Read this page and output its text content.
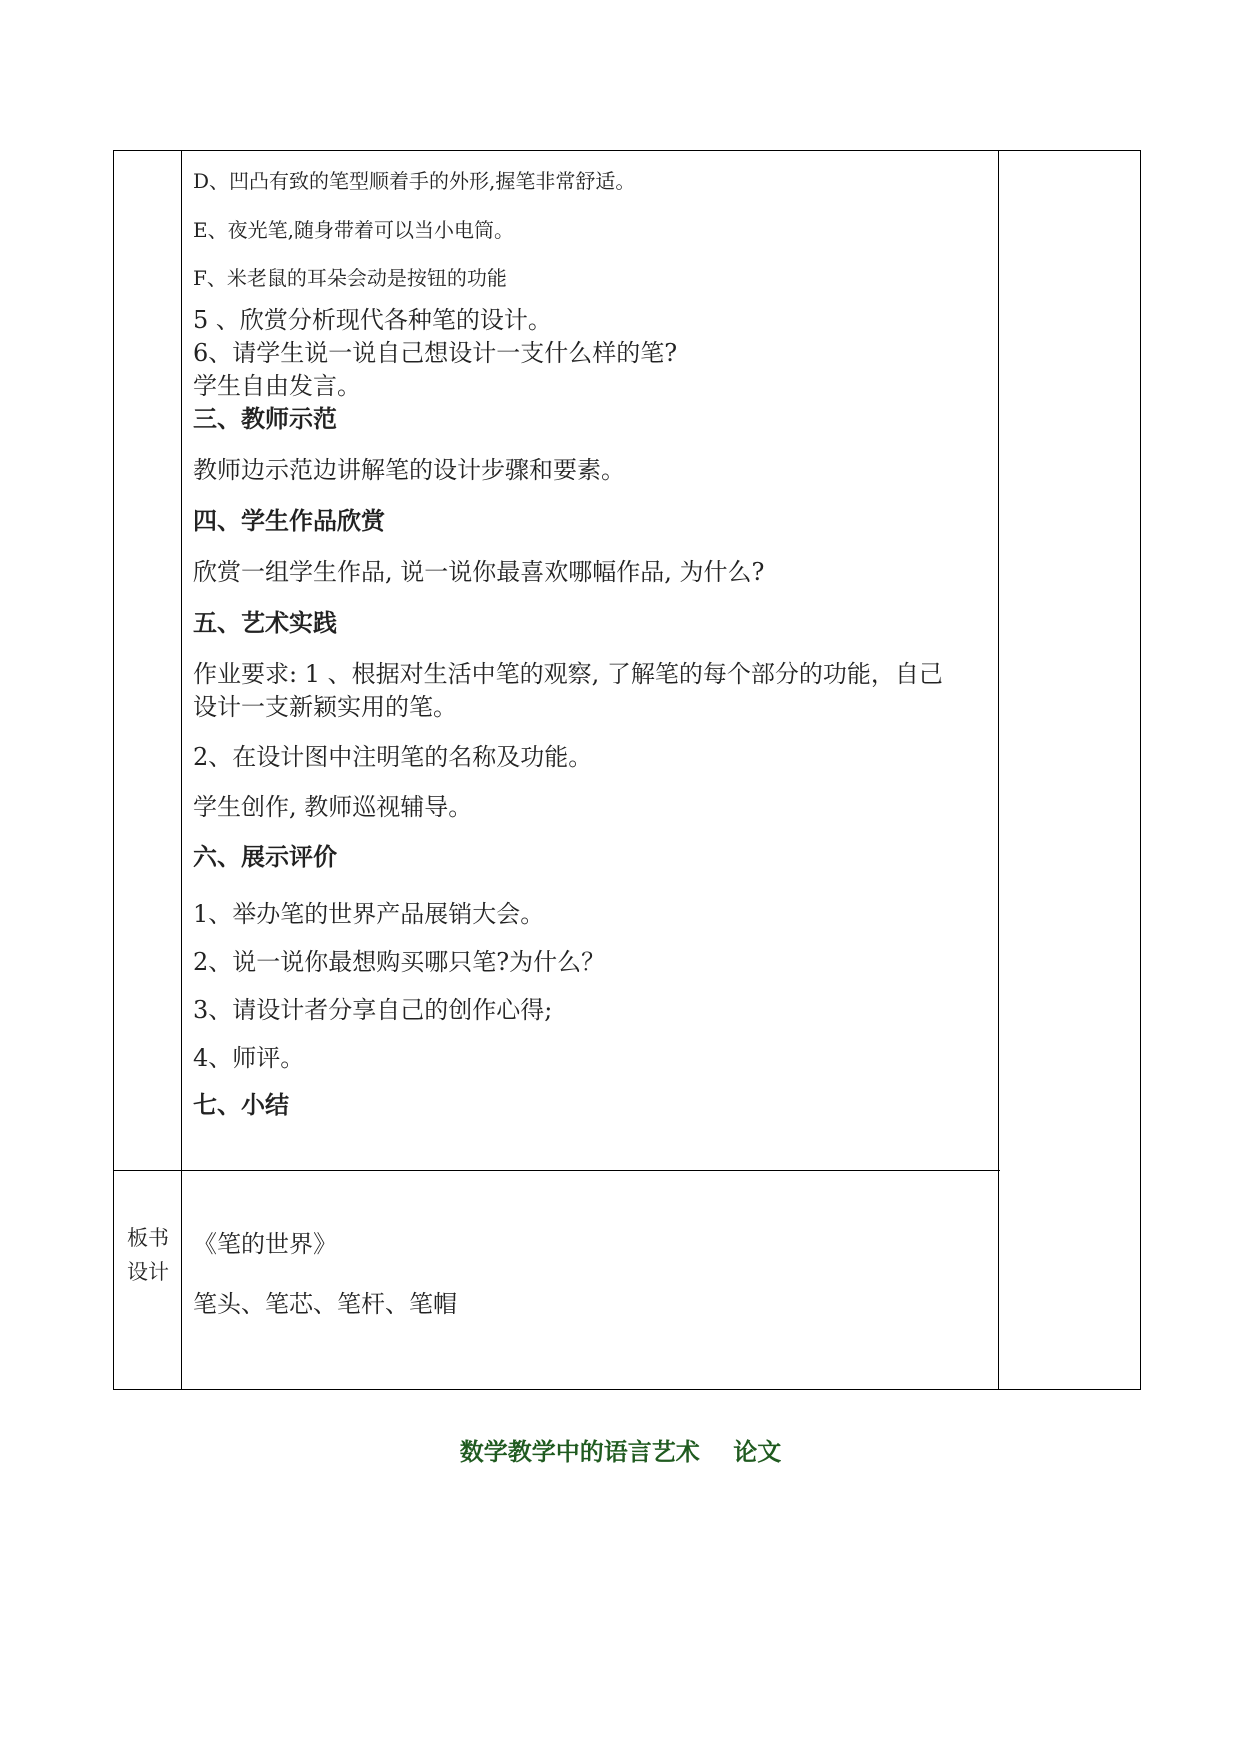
D、凹凸有致的笔型顺着手的外形,握笔非常舒适。
E、夜光笔,随身带着可以当小电筒。
F、米老鼠的耳朵会动是按钮的功能
5 、欣赏分析现代各种笔的设计。
6、请学生说一说自己想设计一支什么样的笔?
学生自由发言。
三、教师示范
教师边示范边讲解笔的设计步骤和要素。
四、学生作品欣赏
欣赏一组学生作品, 说一说你最喜欢哪幅作品, 为什么?
五、艺术实践
作业要求: 1 、根据对生活中笔的观察, 了解笔的每个部分的功能，自己
设计一支新颖实用的笔。
2、在设计图中注明笔的名称及功能。
学生创作, 教师巡视辅导。
六、展示评价
1、举办笔的世界产品展销大会。
2、说一说你最想购买哪只笔?为什么？
3、请设计者分享自己的创作心得;
4、师评。
七、小结
《笔的世界》
笔头、笔芯、笔杆、笔帽
板书
设计
数学教学中的语言艺术    论文
